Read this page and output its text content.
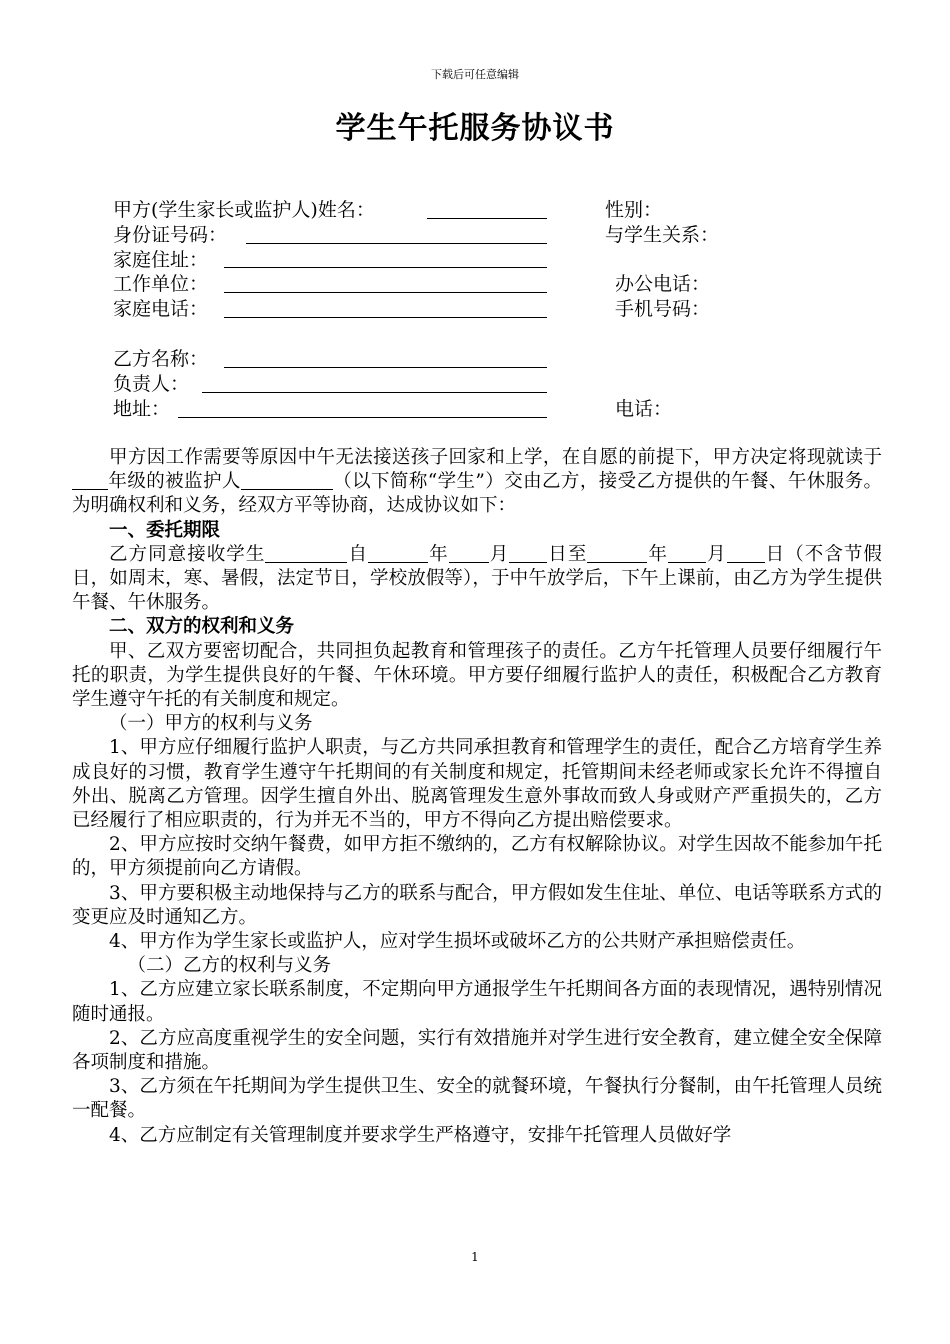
下载后可任意编辑
学生午托服务协议书
甲方(学生家长或监护人)姓名：	性别：
身份证号码：	与学生关系：
家庭住址：
工作单位：	办公电话：
家庭电话：	手机号码：
乙方名称：
负责人：
地址：	电话：

甲方因工作需要等原因中午无法接送孩子回家和上学，在自愿的前提下，甲方决定将现就读于年级的被监护人	（以下简称“学生”）交由乙方，接受乙方提供的午餐、午休服务。为明确权利和义务，经双方平等协商，达成协议如下：

一、委托期限

乙方同意接收学生	自	年 月 日至	年 月 日（不含节假日，如周末，寒、暑假，法定节日，学校放假等），于中午放学后，下午上课前，由乙方为学生提供午餐、午休服务。

二、双方的权利和义务

甲、乙双方要密切配合，共同担负起教育和管理孩子的责任。乙方午托管理人员要仔细履行午托的职责，为学生提供良好的午餐、午休环境。甲方要仔细履行监护人的责任，积极配合乙方教育学生遵守午托的有关制度和规定。

（一）甲方的权利与义务

1、甲方应仔细履行监护人职责，与乙方共同承担教育和管理学生的责任，配合乙方培育学生养成良好的习惯，教育学生遵守午托期间的有关制度和规定，托管期间未经老师或家长允许不得擅自外出、脱离乙方管理。因学生擅自外出、脱离管理发生意外事故而致人身或财产严重损失的，乙方已经履行了相应职责的，行为并无不当的，甲方不得向乙方提出赔偿要求。

2、甲方应按时交纳午餐费，如甲方拒不缴纳的，乙方有权解除协议。对学生因故不能参加午托的，甲方须提前向乙方请假。

3、甲方要积极主动地保持与乙方的联系与配合，甲方假如发生住址、单位、电话等联系方式的变更应及时通知乙方。

4、甲方作为学生家长或监护人，应对学生损坏或破坏乙方的公共财产承担赔偿责任。

（二）乙方的权利与义务

1、乙方应建立家长联系制度，不定期向甲方通报学生午托期间各方面的表现情况，遇特别情况随时通报。

2、乙方应高度重视学生的安全问题，实行有效措施并对学生进行安全教育，建立健全安全保障各项制度和措施。

3、乙方须在午托期间为学生提供卫生、安全的就餐环境，午餐执行分餐制，由午托管理人员统一配餐。

4、乙方应制定有关管理制度并要求学生严格遵守，安排午托管理人员做好学

1
